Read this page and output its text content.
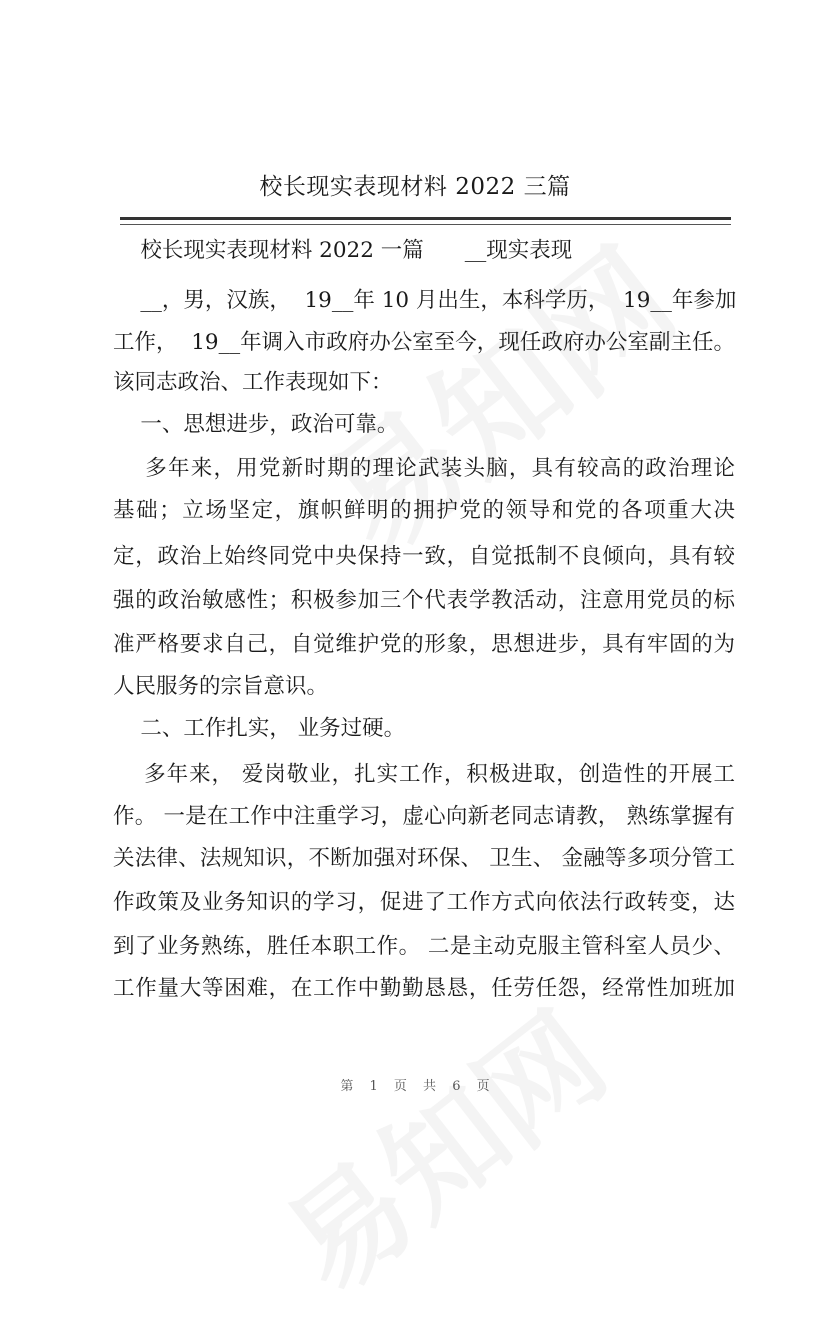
校长现实表现材料 2022 三篇
校长现实表现材料 2022 一篇      __现实表现
__，男，汉族，  19__年 10 月出生，本科学历，  19__年参加
工作，  19__年调入市政府办公室至今，现任政府办公室副主任。
该同志政治、工作表现如下：
一、思想进步，政治可靠。
多年来，用党新时期的理论武装头脑，具有较高的政治理论
基础；立场坚定，旗帜鲜明的拥护党的领导和党的各项重大决
定，政治上始终同党中央保持一致，自觉抵制不良倾向，具有较
强的政治敏感性；积极参加三个代表学教活动，注意用党员的标
准严格要求自己，自觉维护党的形象，思想进步，具有牢固的为
人民服务的宗旨意识。
二、工作扎实， 业务过硬。
多年来， 爱岗敬业，扎实工作，积极进取，创造性的开展工
作。 一是在工作中注重学习，虚心向新老同志请教， 熟练掌握有
关法律、法规知识，不断加强对环保、 卫生、 金融等多项分管工
作政策及业务知识的学习，促进了工作方式向依法行政转变，达
到了业务熟练，胜任本职工作。 二是主动克服主管科室人员少、
工作量大等困难，在工作中勤勤恳恳，任劳任怨，经常性加班加
第 1 页 共 6 页
